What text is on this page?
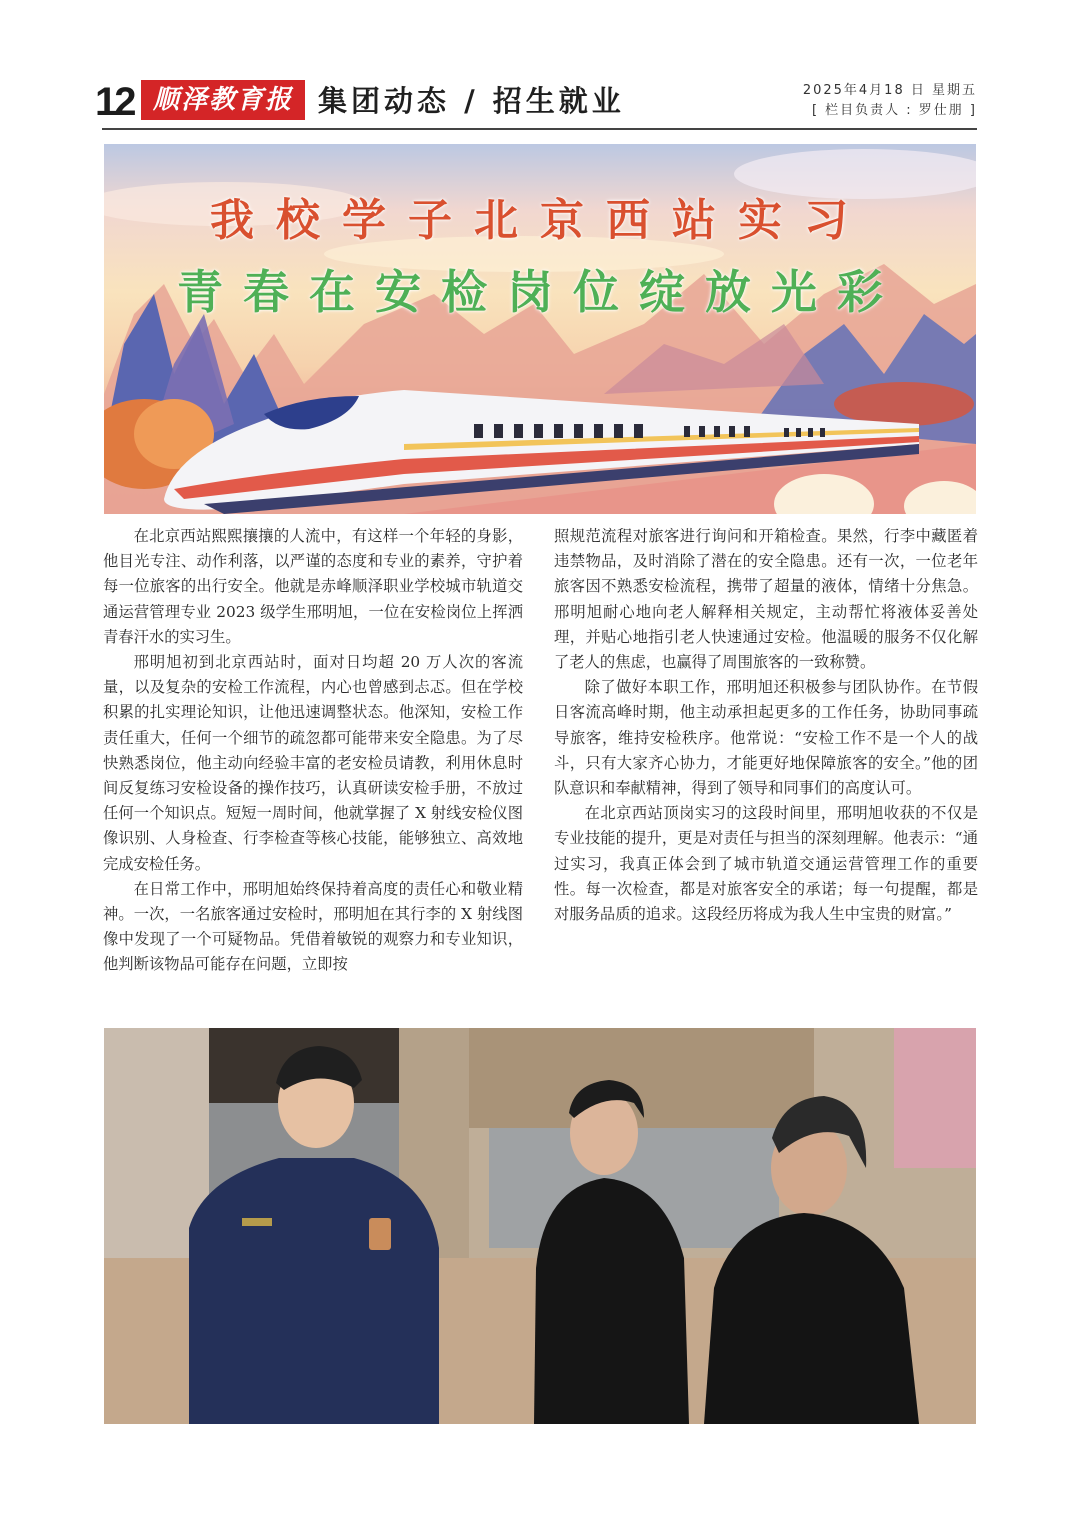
12 顺泽教育报 集团动态 / 招生就业	2025年4月18 日 星期五
[ 栏目负责人 : 罗仕朋 ]
我校学子北京西站实习
青春在安检岗位绽放光彩

在北京西站熙熙攘攘的人流中，有这样一个年轻的身影，他目光专注、动作利落，以严谨的态度和专业的素养，守护着每一位旅客的出行安全。他就是赤峰顺泽职业学校城市轨道交通运营管理专业 2023 级学生邢明旭，一位在安检岗位上挥洒青春汗水的实习生。

邢明旭初到北京西站时，面对日均超 20 万人次的客流量，以及复杂的安检工作流程，内心也曾感到忐忑。但在学校积累的扎实理论知识，让他迅速调整状态。他深知，安检工作责任重大，任何一个细节的疏忽都可能带来安全隐患。为了尽快熟悉岗位，他主动向经验丰富的老安检员请教，利用休息时间反复练习安检设备的操作技巧，认真研读安检手册，不放过任何一个知识点。短短一周时间，他就掌握了 X 射线安检仪图像识别、人身检查、行李检查等核心技能，能够独立、高效地完成安检任务。

在日常工作中，邢明旭始终保持着高度的责任心和敬业精神。一次，一名旅客通过安检时，邢明旭在其行李的 X 射线图像中发现了一个可疑物品。凭借着敏锐的观察力和专业知识，他判断该物品可能存在问题，立即按

照规范流程对旅客进行询问和开箱检查。果然，行李中藏匿着违禁物品，及时消除了潜在的安全隐患。还有一次，一位老年旅客因不熟悉安检流程，携带了超量的液体，情绪十分焦急。邢明旭耐心地向老人解释相关规定，主动帮忙将液体妥善处理，并贴心地指引老人快速通过安检。他温暖的服务不仅化解了老人的焦虑，也赢得了周围旅客的一致称赞。

除了做好本职工作，邢明旭还积极参与团队协作。在节假日客流高峰时期，他主动承担起更多的工作任务，协助同事疏导旅客，维持安检秩序。他常说：“安检工作不是一个人的战斗，只有大家齐心协力，才能更好地保障旅客的安全。”他的团队意识和奉献精神，得到了领导和同事们的高度认可。

在北京西站顶岗实习的这段时间里，邢明旭收获的不仅是专业技能的提升，更是对责任与担当的深刻理解。他表示：“通过实习，我真正体会到了城市轨道交通运营管理工作的重要性。每一次检查，都是对旅客安全的承诺；每一句提醒，都是对服务品质的追求。这段经历将成为我人生中宝贵的财富。”
